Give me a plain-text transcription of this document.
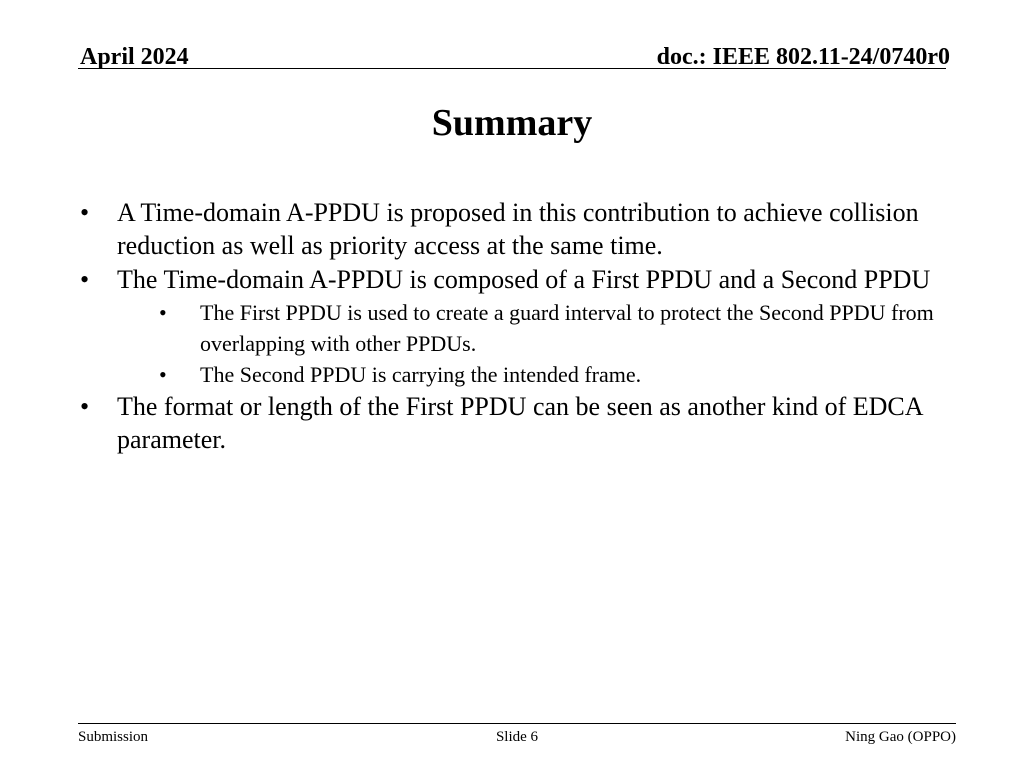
April 2024	doc.: IEEE 802.11-24/0740r0
Summary
• A Time-domain A-PPDU is proposed in this contribution to achieve collision reduction as well as priority access at the same time.
• The Time-domain A-PPDU is composed of a First PPDU and a Second PPDU
• The First PPDU is used to create a guard interval to protect the Second PPDU from overlapping with other PPDUs.
• The Second PPDU is carrying the intended frame.
• The format or length of the First PPDU can be seen as another kind of EDCA parameter.
Submission	Slide 6	Ning Gao (OPPO)
